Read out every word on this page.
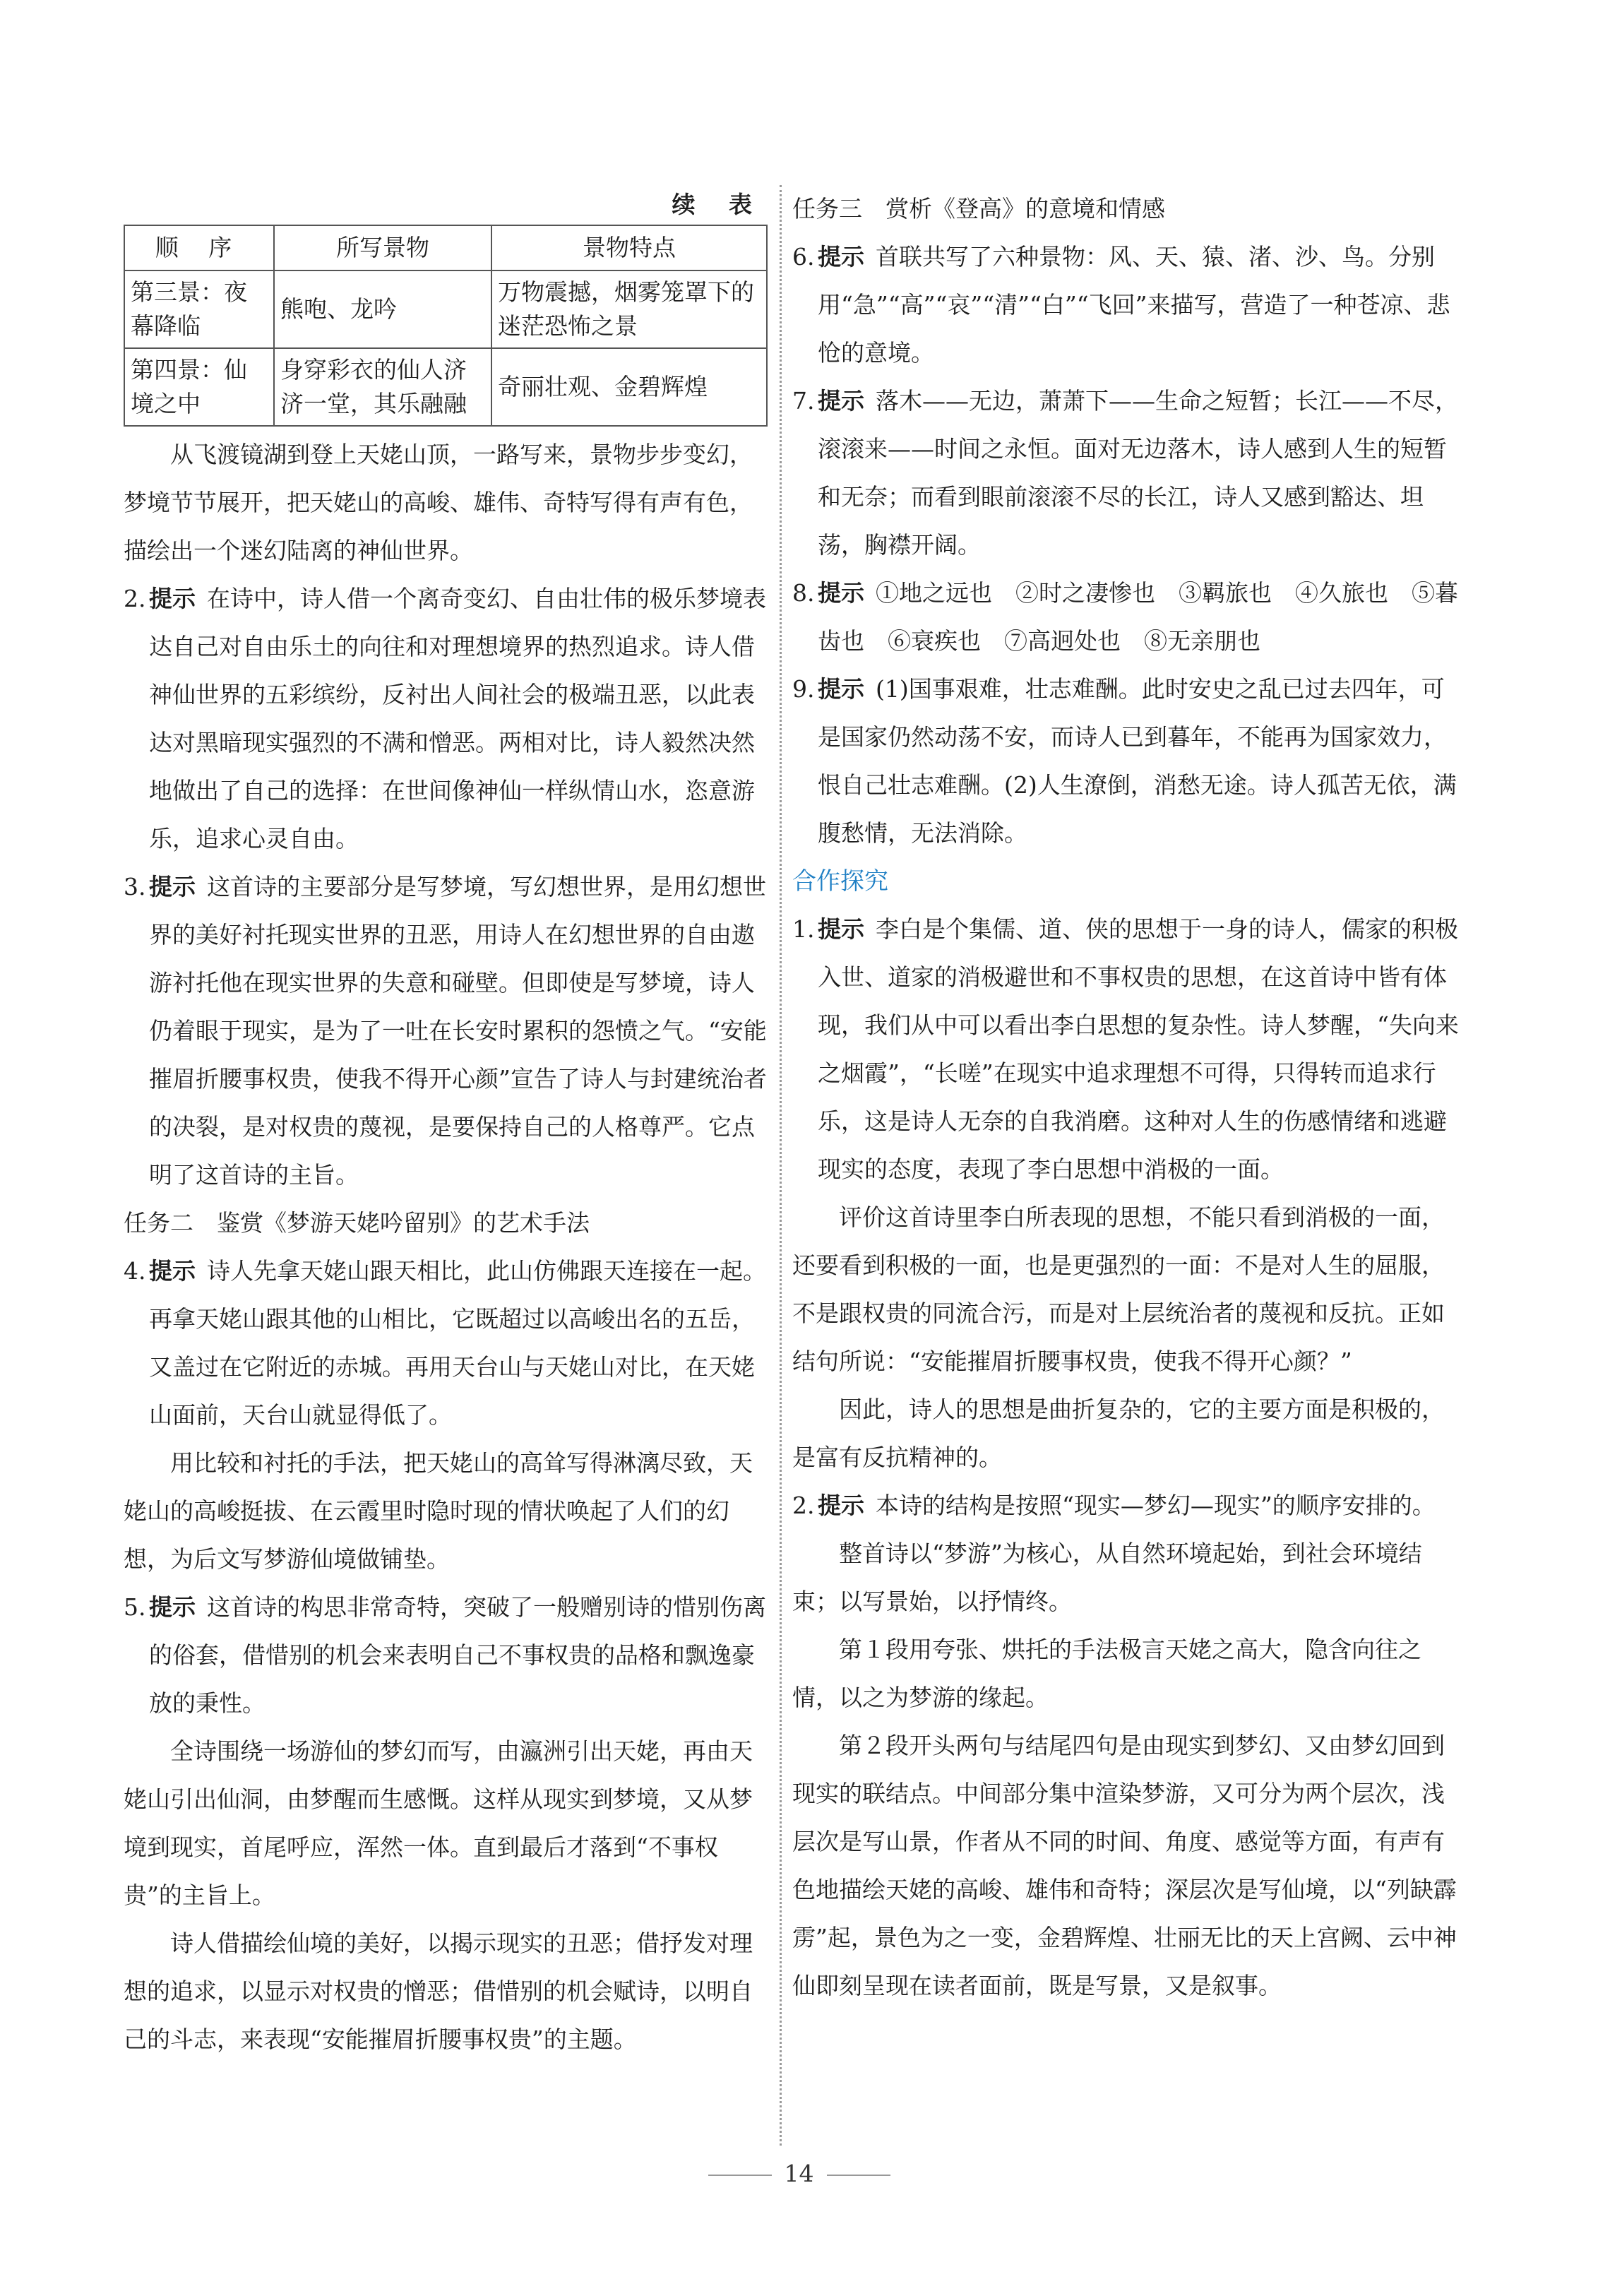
续 表
顺 序	所写景物	景物特点
第三景：夜幕降临	熊咆、龙吟	万物震撼，烟雾笼罩下的迷茫恐怖之景
第四景：仙境之中	身穿彩衣的仙人济济一堂，其乐融融	奇丽壮观、金碧辉煌

从飞渡镜湖到登上天姥山顶，一路写来，景物步步变幻，梦境节节展开，把天姥山的高峻、雄伟、奇特写得有声有色，描绘出一个迷幻陆离的神仙世界。

2. 提示 在诗中，诗人借一个离奇变幻、自由壮伟的极乐梦境表达自己对自由乐土的向往和对理想境界的热烈追求。诗人借神仙世界的五彩缤纷，反衬出人间社会的极端丑恶，以此表达对黑暗现实强烈的不满和憎恶。两相对比，诗人毅然决然地做出了自己的选择：在世间像神仙一样纵情山水，恣意游乐，追求心灵自由。

3. 提示 这首诗的主要部分是写梦境，写幻想世界，是用幻想世界的美好衬托现实世界的丑恶，用诗人在幻想世界的自由遨游衬托他在现实世界的失意和碰壁。但即使是写梦境，诗人仍着眼于现实，是为了一吐在长安时累积的怨愤之气。“安能摧眉折腰事权贵，使我不得开心颜”宣告了诗人与封建统治者的决裂，是对权贵的蔑视，是要保持自己的人格尊严。它点明了这首诗的主旨。

任务二　鉴赏《梦游天姥吟留别》的艺术手法

4. 提示 诗人先拿天姥山跟天相比，此山仿佛跟天连接在一起。再拿天姥山跟其他的山相比，它既超过以高峻出名的五岳，又盖过在它附近的赤城。再用天台山与天姥山对比，在天姥山面前，天台山就显得低了。

用比较和衬托的手法，把天姥山的高耸写得淋漓尽致，天姥山的高峻挺拔、在云霞里时隐时现的情状唤起了人们的幻想，为后文写梦游仙境做铺垫。

5. 提示 这首诗的构思非常奇特，突破了一般赠别诗的惜别伤离的俗套，借惜别的机会来表明自己不事权贵的品格和飘逸豪放的秉性。

全诗围绕一场游仙的梦幻而写，由瀛洲引出天姥，再由天姥山引出仙洞，由梦醒而生感慨。这样从现实到梦境，又从梦境到现实，首尾呼应，浑然一体。直到最后才落到“不事权贵”的主旨上。

诗人借描绘仙境的美好，以揭示现实的丑恶；借抒发对理想的追求，以显示对权贵的憎恶；借惜别的机会赋诗，以明自己的斗志，来表现“安能摧眉折腰事权贵”的主题。

任务三　赏析《登高》的意境和情感

6. 提示 首联共写了六种景物：风、天、猿、渚、沙、鸟。分别用“急”“高”“哀”“清”“白”“飞回”来描写，营造了一种苍凉、悲怆的意境。

7. 提示 落木——无边，萧萧下——生命之短暂；长江——不尽，滚滚来——时间之永恒。面对无边落木，诗人感到人生的短暂和无奈；而看到眼前滚滚不尽的长江，诗人又感到豁达、坦荡，胸襟开阔。

8. 提示 ①地之远也　②时之凄惨也　③羁旅也　④久旅也　⑤暮齿也　⑥衰疾也　⑦高迥处也　⑧无亲朋也

9. 提示 (1)国事艰难，壮志难酬。此时安史之乱已过去四年，可是国家仍然动荡不安，而诗人已到暮年，不能再为国家效力，恨自己壮志难酬。(2)人生潦倒，消愁无途。诗人孤苦无依，满腹愁情，无法消除。

合作探究

1. 提示 李白是个集儒、道、侠的思想于一身的诗人，儒家的积极入世、道家的消极避世和不事权贵的思想，在这首诗中皆有体现，我们从中可以看出李白思想的复杂性。诗人梦醒，“失向来之烟霞”，“长嗟”在现实中追求理想不可得，只得转而追求行乐，这是诗人无奈的自我消磨。这种对人生的伤感情绪和逃避现实的态度，表现了李白思想中消极的一面。

评价这首诗里李白所表现的思想，不能只看到消极的一面，还要看到积极的一面，也是更强烈的一面：不是对人生的屈服，不是跟权贵的同流合污，而是对上层统治者的蔑视和反抗。正如结句所说：“安能摧眉折腰事权贵，使我不得开心颜？”

因此，诗人的思想是曲折复杂的，它的主要方面是积极的，是富有反抗精神的。

2. 提示 本诗的结构是按照“现实—梦幻—现实”的顺序安排的。

整首诗以“梦游”为核心，从自然环境起始，到社会环境结束；以写景始，以抒情终。

第１段用夸张、烘托的手法极言天姥之高大，隐含向往之情，以之为梦游的缘起。

第２段开头两句与结尾四句是由现实到梦幻、又由梦幻回到现实的联结点。中间部分集中渲染梦游，又可分为两个层次，浅层次是写山景，作者从不同的时间、角度、感觉等方面，有声有色地描绘天姥的高峻、雄伟和奇特；深层次是写仙境，以“列缺霹雳”起，景色为之一变，金碧辉煌、壮丽无比的天上宫阙、云中神仙即刻呈现在读者面前，既是写景，又是叙事。

14
